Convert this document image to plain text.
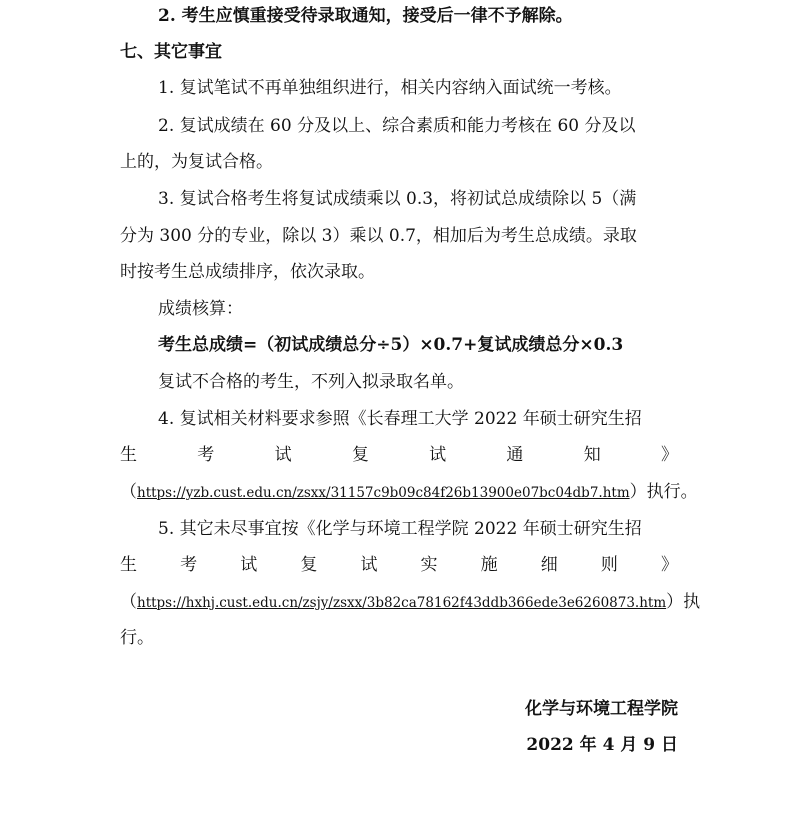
2. 考生应慎重接受待录取通知，接受后一律不予解除。
七、其它事宜
1. 复试笔试不再单独组织进行，相关内容纳入面试统一考核。
2. 复试成绩在 60 分及以上、综合素质和能力考核在 60 分及以
上的，为复试合格。
3. 复试合格考生将复试成绩乘以 0.3，将初试总成绩除以 5（满
分为 300 分的专业，除以 3）乘以 0.7，相加后为考生总成绩。录取
时按考生总成绩排序，依次录取。
成绩核算：
考生总成绩=（初试成绩总分÷5）×0.7+复试成绩总分×0.3
复试不合格的考生，不列入拟录取名单。
4. 复试相关材料要求参照《长春理工大学 2022 年硕士研究生招
生	考	试	复	试	通	知	》
（https://yzb.cust.edu.cn/zsxx/31157c9b09c84f26b13900e07bc04db7.htm）执行。
5. 其它未尽事宜按《化学与环境工程学院 2022 年硕士研究生招
生	考	试	复	试	实	施	细	则	》
（https://hxhj.cust.edu.cn/zsjy/zsxx/3b82ca78162f43ddb366ede3e6260873.htm）执
行。
化学与环境工程学院
2022 年 4 月 9 日
